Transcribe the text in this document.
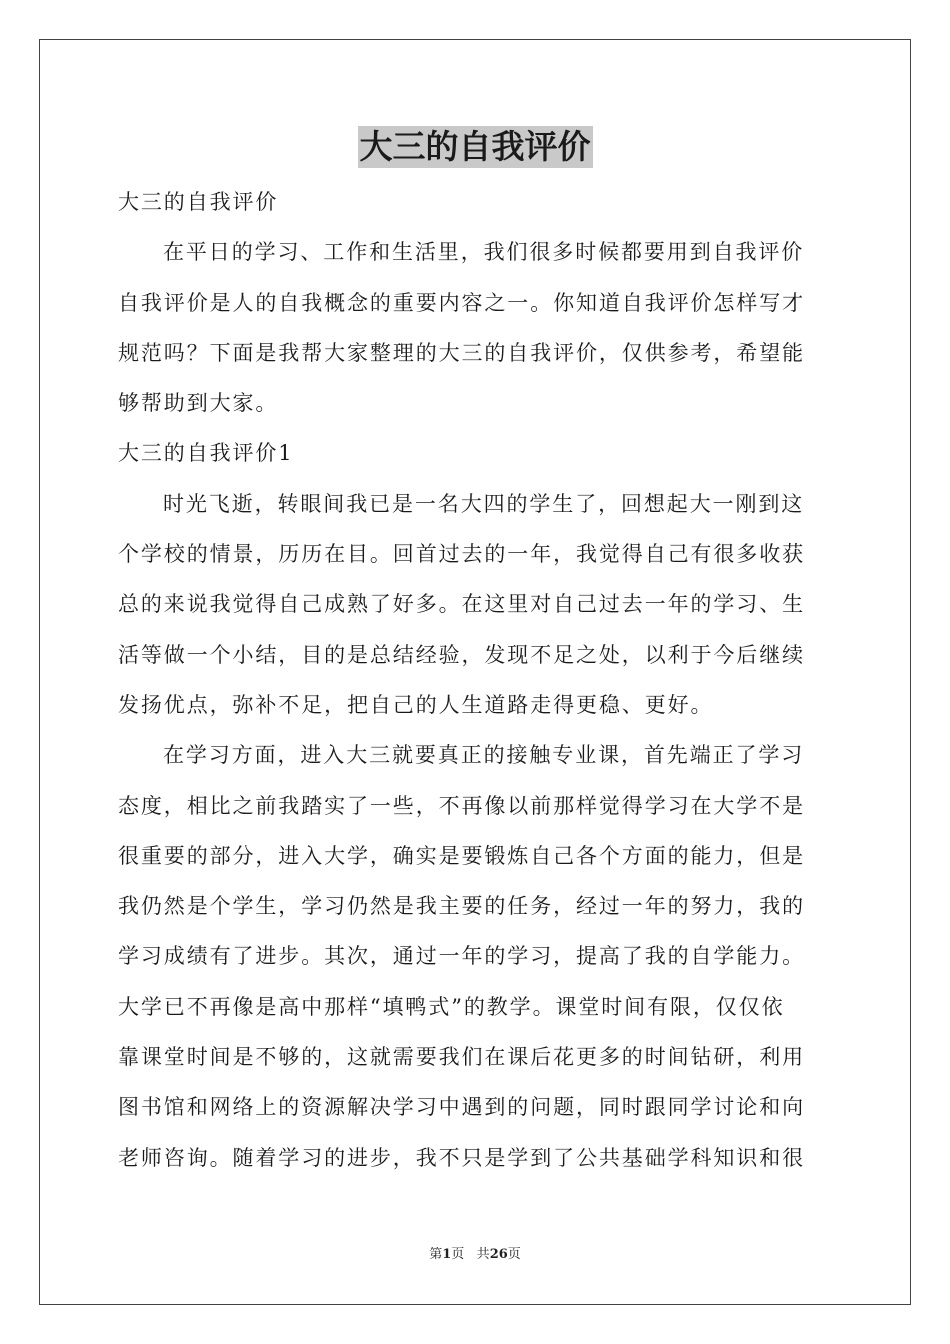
大三的自我评价
大三的自我评价
在平日的学习、工作和生活里，我们很多时候都要用到自我评价
自我评价是人的自我概念的重要内容之一。你知道自我评价怎样写才
规范吗？下面是我帮大家整理的大三的自我评价，仅供参考，希望能
够帮助到大家。
大三的自我评价1
时光飞逝，转眼间我已是一名大四的学生了，回想起大一刚到这
个学校的情景，历历在目。回首过去的一年，我觉得自己有很多收获
总的来说我觉得自己成熟了好多。在这里对自己过去一年的学习、生
活等做一个小结，目的是总结经验，发现不足之处，以利于今后继续
发扬优点，弥补不足，把自己的人生道路走得更稳、更好。
在学习方面，进入大三就要真正的接触专业课，首先端正了学习
态度，相比之前我踏实了一些，不再像以前那样觉得学习在大学不是
很重要的部分，进入大学，确实是要锻炼自己各个方面的能力，但是
我仍然是个学生，学习仍然是我主要的任务，经过一年的努力，我的
学习成绩有了进步。其次，通过一年的学习，提高了我的自学能力。
大学已不再像是高中那样“填鸭式”的教学。课堂时间有限，仅仅依
靠课堂时间是不够的，这就需要我们在课后花更多的时间钻研，利用
图书馆和网络上的资源解决学习中遇到的问题，同时跟同学讨论和向
老师咨询。随着学习的进步，我不只是学到了公共基础学科知识和很
第1页 共26页
